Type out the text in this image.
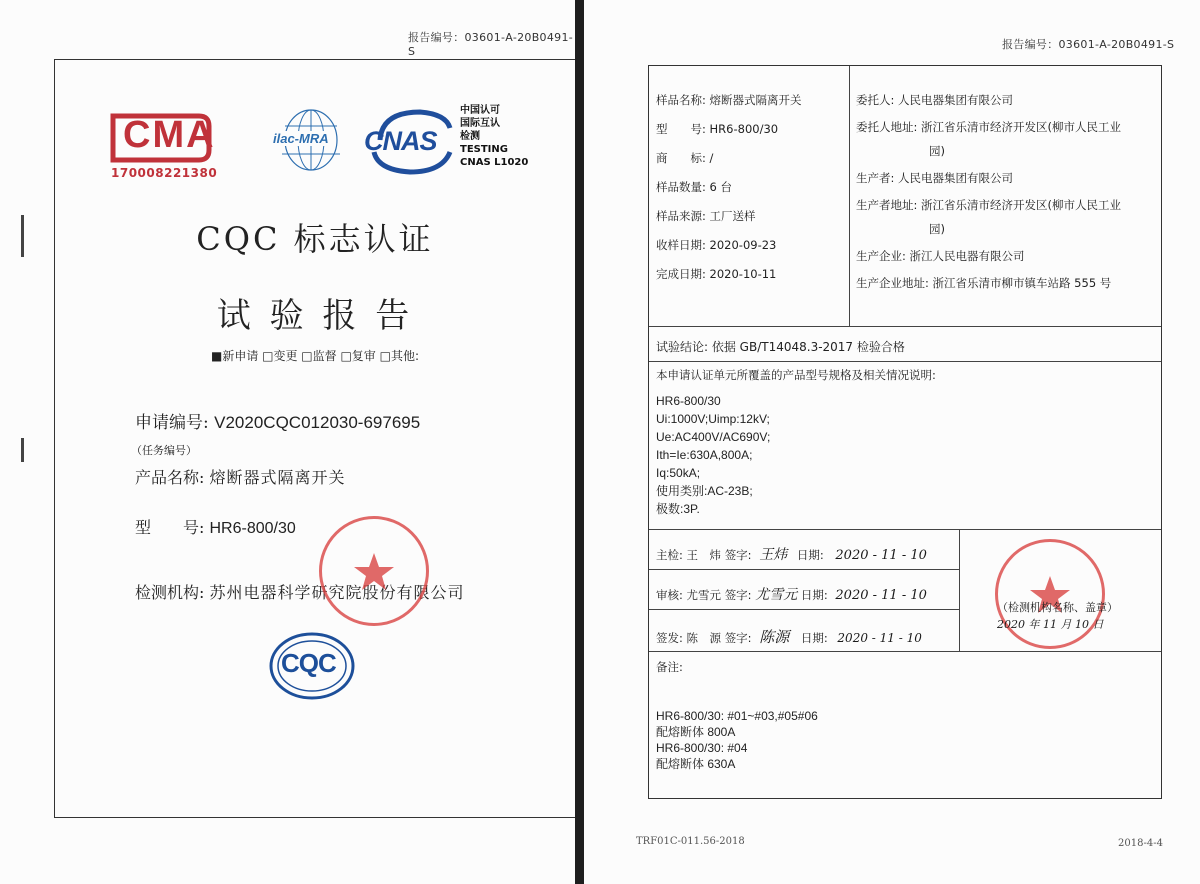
报告编号：03601-A-20B0491-S
CMA
170008221380
ilac-MRA CNAS
中国认可
国际互认
检测
TESTING
CNAS L1020
CQC 标志认证
试 验 报 告
■新申请 □变更 □监督 □复审 □其他:
申请编号: V2020CQC012030-697695
（任务编号）
产品名称: 熔断器式隔离开关
型　　号: HR6-800/30
检测机构: 苏州电器科学研究院股份有限公司
CQC
报告编号：03601-A-20B0491-S
样品名称: 熔断器式隔离开关
型　　号: HR6-800/30
商　　标: /
样品数量: 6 台
样品来源: 工厂送样
收样日期: 2020-09-23
完成日期: 2020-10-11
委托人: 人民电器集团有限公司
委托人地址: 浙江省乐清市经济开发区(柳市人民工业
园)
生产者: 人民电器集团有限公司
生产者地址: 浙江省乐清市经济开发区(柳市人民工业
园)
生产企业: 浙江人民电器有限公司
生产企业地址: 浙江省乐清市柳市镇车站路 555 号
试验结论: 依据 GB/T14048.3-2017 检验合格
本申请认证单元所覆盖的产品型号规格及相关情况说明:
HR6-800/30
Ui:1000V;Uimp:12kV;
Ue:AC400V/AC690V;
Ith=Ie:630A,800A;
Iq:50kA;
使用类别:AC-23B;
极数:3P.
主检: 王　炜 签字: 王炜 日期: 2020 - 11 - 10
审核: 尤雪元 签字: 尤雪元 日期: 2020 - 11 - 10
签发: 陈　源 签字: 陈源 日期: 2020 - 11 - 10
（检测机构名称、盖章）
2020 年 11 月 10 日
备注:
HR6-800/30: #01~#03,#05#06
配熔断体 800A
HR6-800/30: #04
配熔断体 630A
TRF01C-011.56-2018	2018-4-4
